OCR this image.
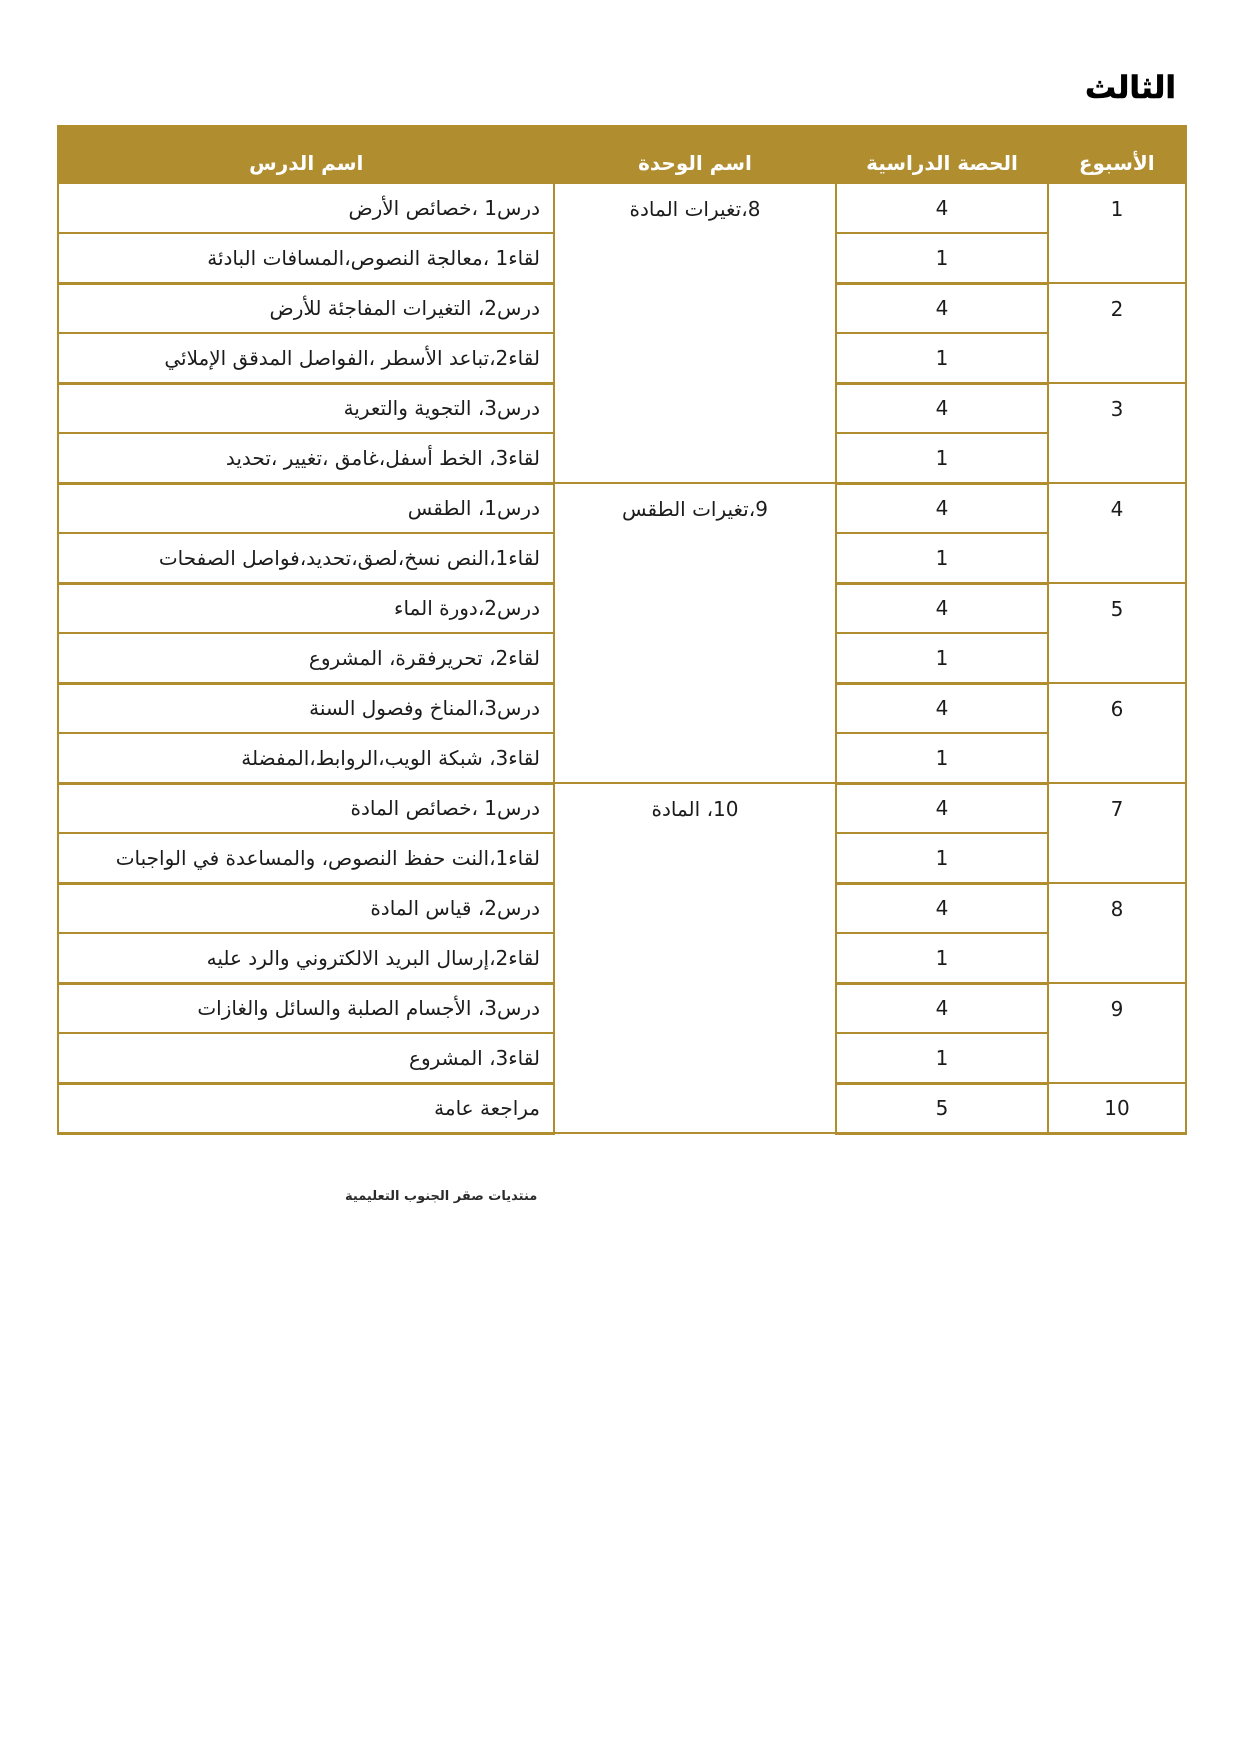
الثالث
الأسبوع	الحصة الدراسية	اسم الوحدة	اسم الدرس
1	4	8،تغيرات المادة	درس1 ،خصائص الأرض
	1		لقاء1 ،معالجة النصوص،المسافات البادئة
2	4		درس2، التغيرات المفاجئة للأرض
	1		لقاء2،تباعد الأسطر ،الفواصل المدقق الإملائي
3	4		درس3، التجوية والتعرية
	1		لقاء3، الخط أسفل،غامق ،تغيير ،تحديد
4	4	9،تغيرات الطقس	درس1، الطقس
	1		لقاء1،النص نسخ،لصق،تحديد،فواصل الصفحات
5	4		درس2،دورة الماء
	1		لقاء2، تحريرفقرة، المشروع
6	4		درس3،المناخ وفصول السنة
	1		لقاء3، شبكة الويب،الروابط،المفضلة
7	4	10، المادة	درس1 ،خصائص المادة
	1		لقاء1،النت حفظ النصوص، والمساعدة في الواجبات
8	4		درس2، قياس المادة
	1		لقاء2،إرسال البريد الالكتروني والرد عليه
9	4		درس3، الأجسام الصلبة والسائل والغازات
	1		لقاء3، المشروع
10	5		مراجعة عامة
منتديات صقر الجنوب التعليمية
